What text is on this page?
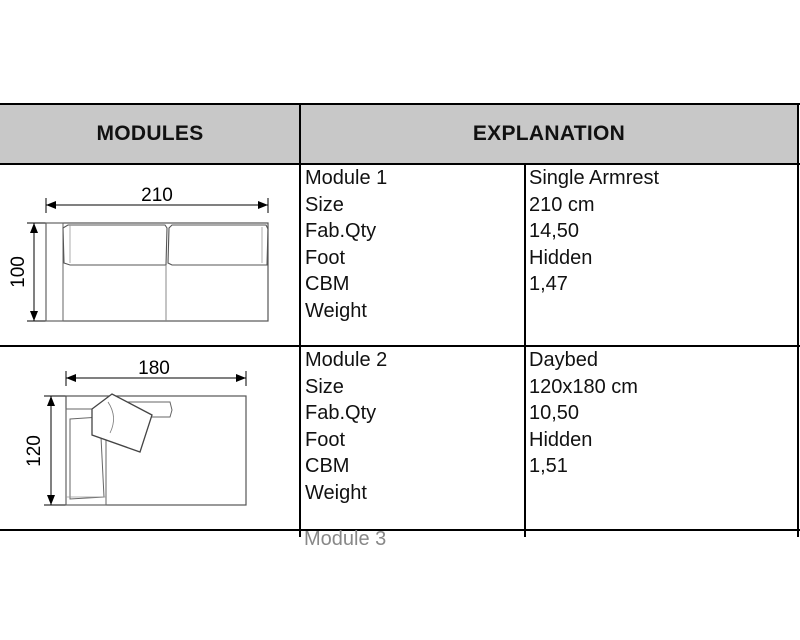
MODULES	EXPLANATION
210
100
Module 1
Size
Fab.Qty
Foot
CBM
Weight
Single Armrest
210 cm
14,50
Hidden
1,47
180
120
Module 2
Size
Fab.Qty
Foot
CBM
Weight
Daybed
120x180 cm
10,50
Hidden
1,51
Module 3
